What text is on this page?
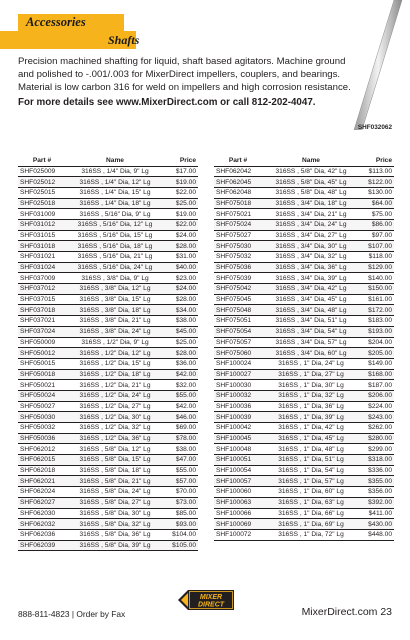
Accessories
Shafts

Precision machined shafting for liquid, shaft based agitators. Machine ground

and polished to -.001/.003 for MixerDirect impellers, couplers, and bearings.

Material is low carbon 316 for weld on impellers and high corrosion resistance.

For more details see www.MixerDirect.com or call 812-202-4047.
SHF032062
Part #	Name	Price
SHF025009	316SS , 1/4" Dia, 9" Lg	$17.00
SHF025012	316SS , 1/4" Dia, 12" Lg	$19.00
SHF025015	316SS , 1/4" Dia, 15" Lg	$22.00
SHF025018	316SS , 1/4" Dia, 18" Lg	$25.00
SHF031009	316SS , 5/16" Dia, 9" Lg	$19.00
SHF031012	316SS , 5/16" Dia, 12" Lg	$22.00
SHF031015	316SS , 5/16" Dia, 15" Lg	$24.00
SHF031018	316SS , 5/16" Dia, 18" Lg	$28.00
SHF031021	316SS , 5/16" Dia, 21" Lg	$31.00
SHF031024	316SS , 5/16" Dia, 24" Lg	$40.00
SHF037009	316SS , 3/8" Dia, 9" Lg	$23.00
SHF037012	316SS , 3/8" Dia, 12" Lg	$24.00
SHF037015	316SS , 3/8" Dia, 15" Lg	$28.00
SHF037018	316SS , 3/8" Dia, 18" Lg	$34.00
SHF037021	316SS , 3/8" Dia, 21" Lg	$38.00
SHF037024	316SS , 3/8" Dia, 24" Lg	$45.00
SHF050009	316SS , 1/2" Dia, 9" Lg	$25.00
SHF050012	316SS , 1/2" Dia, 12" Lg	$28.00
SHF050015	316SS , 1/2" Dia, 15" Lg	$36.00
SHF050018	316SS , 1/2" Dia, 18" Lg	$42.00
SHF050021	316SS , 1/2" Dia, 21" Lg	$32.00
SHF050024	316SS , 1/2" Dia, 24" Lg	$55.00
SHF050027	316SS , 1/2" Dia, 27" Lg	$42.00
SHF050030	316SS , 1/2" Dia, 30" Lg	$46.00
SHF050032	316SS , 1/2" Dia, 32" Lg	$69.00
SHF050036	316SS , 1/2" Dia, 36" Lg	$78.00
SHF062012	316SS , 5/8" Dia, 12" Lg	$38.00
SHF062015	316SS , 5/8" Dia, 15" Lg	$47.00
SHF062018	316SS , 5/8" Dia, 18" Lg	$55.00
SHF062021	316SS , 5/8" Dia, 21" Lg	$57.00
SHF062024	316SS , 5/8" Dia, 24" Lg	$70.00
SHF062027	316SS , 5/8" Dia, 27" Lg	$73.00
SHF062030	316SS , 5/8" Dia, 30" Lg	$85.00
SHF062032	316SS , 5/8" Dia, 32" Lg	$93.00
SHF062036	316SS , 5/8" Dia, 36" Lg	$104.00
SHF062039	316SS , 5/8" Dia, 39" Lg	$105.00
Part #	Name	Price
SHF062042	316SS , 5/8" Dia, 42" Lg	$113.00
SHF062045	316SS , 5/8" Dia, 45" Lg	$122.00
SHF062048	316SS , 5/8" Dia, 48" Lg	$130.00
SHF075018	316SS , 3/4" Dia, 18" Lg	$64.00
SHF075021	316SS , 3/4" Dia, 21" Lg	$75.00
SHF075024	316SS , 3/4" Dia, 24" Lg	$86.00
SHF075027	316SS , 3/4" Dia, 27" Lg	$97.00
SHF075030	316SS , 3/4" Dia, 30" Lg	$107.00
SHF075032	316SS , 3/4" Dia, 32" Lg	$118.00
SHF075036	316SS , 3/4" Dia, 36" Lg	$129.00
SHF075039	316SS , 3/4" Dia, 39" Lg	$140.00
SHF075042	316SS , 3/4" Dia, 42" Lg	$150.00
SHF075045	316SS , 3/4" Dia, 45" Lg	$161.00
SHF075048	316SS , 3/4" Dia, 48" Lg	$172.00
SHF075051	316SS , 3/4" Dia, 51" Lg	$183.00
SHF075054	316SS , 3/4" Dia, 54" Lg	$193.00
SHF075057	316SS , 3/4" Dia, 57" Lg	$204.00
SHF075060	316SS , 3/4" Dia, 60" Lg	$205.00
SHF100024	316SS , 1" Dia, 24" Lg	$149.00
SHF100027	316SS , 1" Dia, 27" Lg	$168.00
SHF100030	316SS , 1" Dia, 30" Lg	$187.00
SHF100032	316SS , 1" Dia, 32" Lg	$206.00
SHF100036	316SS , 1" Dia, 36" Lg	$224.00
SHF100039	316SS , 1" Dia, 39" Lg	$243.00
SHF100042	316SS , 1" Dia, 42" Lg	$262.00
SHF100045	316SS , 1" Dia, 45" Lg	$280.00
SHF100048	316SS , 1" Dia, 48" Lg	$299.00
SHF100051	316SS , 1" Dia, 51" Lg	$318.00
SHF100054	316SS , 1" Dia, 54" Lg	$336.00
SHF100057	316SS , 1" Dia, 57" Lg	$355.00
SHF100060	316SS , 1" Dia, 60" Lg	$356.00
SHF100063	316SS , 1" Dia, 63" Lg	$392.00
SHF100066	316SS , 1" Dia, 66" Lg	$411.00
SHF100069	316SS , 1" Dia, 69" Lg	$430.00
SHF100072	316SS , 1" Dia, 72" Lg	$448.00
MIXER
DIRECT
888-811-4823 | Order by Fax	MixerDirect.com 23
